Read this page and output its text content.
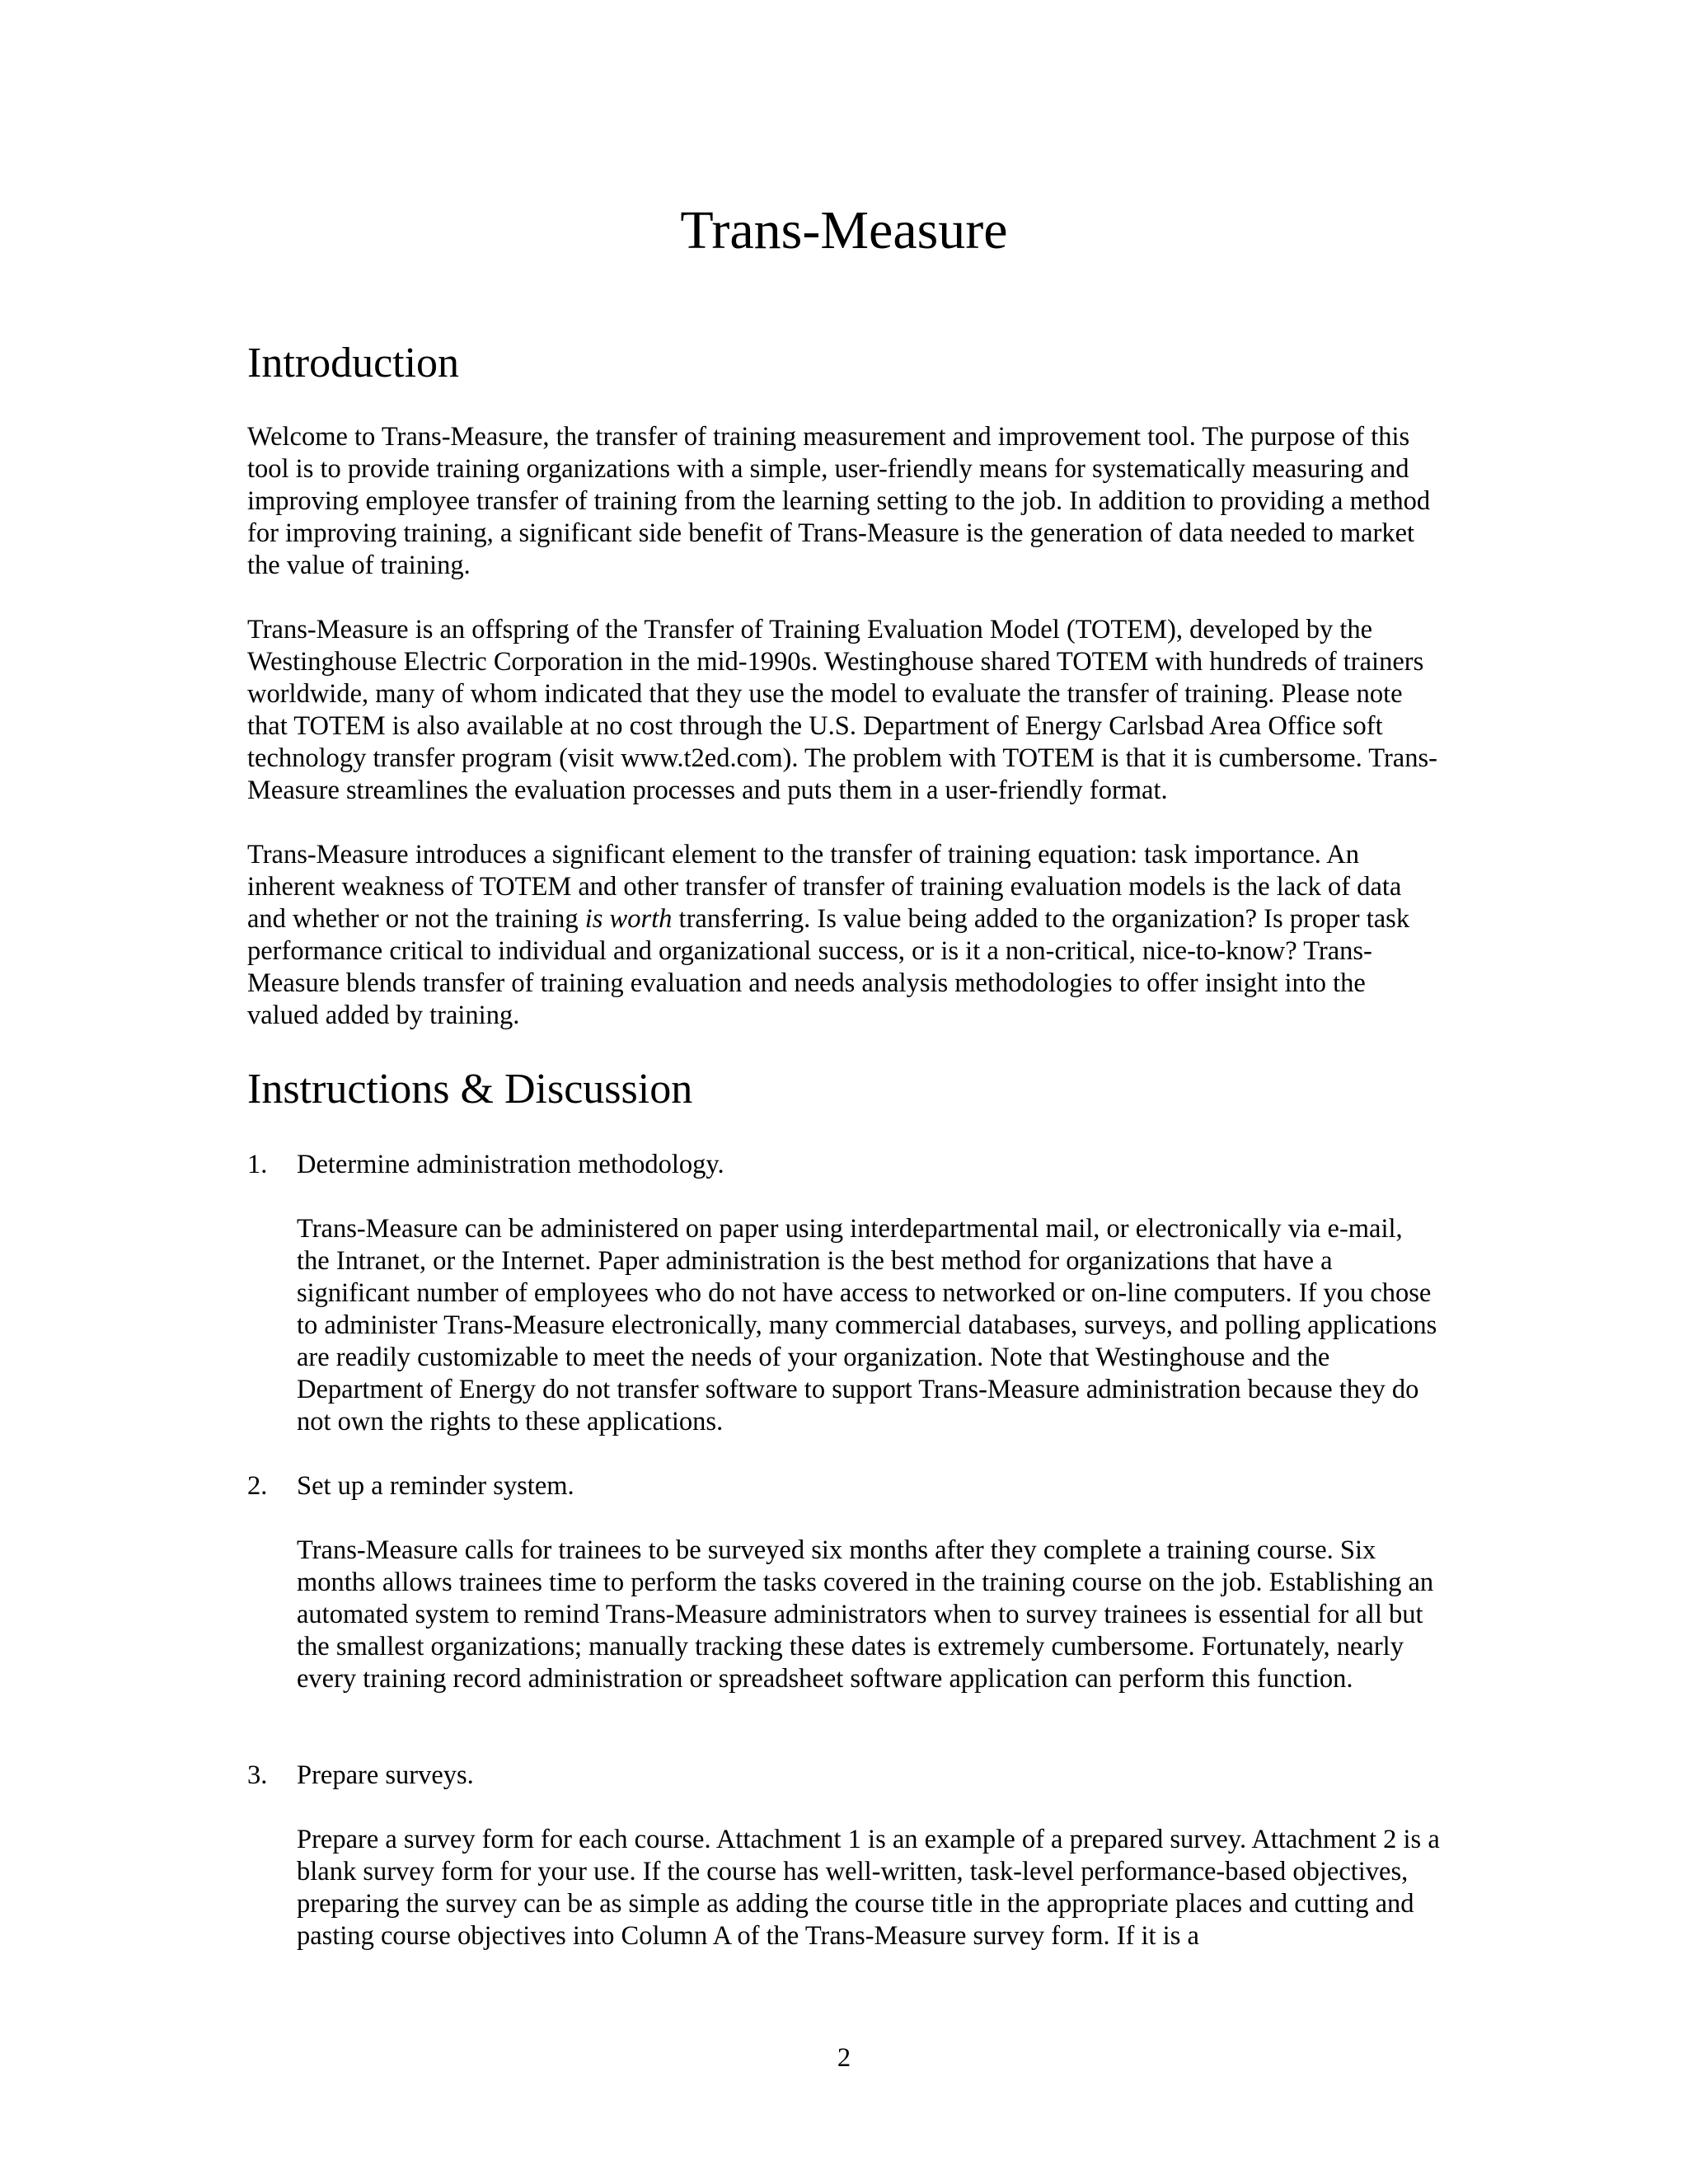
Trans-Measure
Introduction

Welcome to Trans-Measure, the transfer of training measurement and improvement tool. The purpose of this tool is to provide training organizations with a simple, user-friendly means for systematically measuring and improving employee transfer of training from the learning setting to the job. In addition to providing a method for improving training, a significant side benefit of Trans-Measure is the generation of data needed to market the value of training.

Trans-Measure is an offspring of the Transfer of Training Evaluation Model (TOTEM), developed by the Westinghouse Electric Corporation in the mid-1990s. Westinghouse shared TOTEM with hundreds of trainers worldwide, many of whom indicated that they use the model to evaluate the transfer of training. Please note that TOTEM is also available at no cost through the U.S. Department of Energy Carlsbad Area Office soft technology transfer program (visit www.t2ed.com). The problem with TOTEM is that it is cumbersome. Trans-Measure streamlines the evaluation processes and puts them in a user-friendly format.

Trans-Measure introduces a significant element to the transfer of training equation: task importance. An inherent weakness of TOTEM and other transfer of transfer of training evaluation models is the lack of data and whether or not the training is worth transferring. Is value being added to the organization? Is proper task performance critical to individual and organizational success, or is it a non-critical, nice-to-know? Trans-Measure blends transfer of training evaluation and needs analysis methodologies to offer insight into the valued added by training.

Instructions & Discussion
1.	Determine administration methodology.

Trans-Measure can be administered on paper using interdepartmental mail, or electronically via e-mail, the Intranet, or the Internet. Paper administration is the best method for organizations that have a significant number of employees who do not have access to networked or on-line computers. If you chose to administer Trans-Measure electronically, many commercial databases, surveys, and polling applications are readily customizable to meet the needs of your organization. Note that Westinghouse and the Department of Energy do not transfer software to support Trans-Measure administration because they do not own the rights to these applications.

2.	Set up a reminder system.

Trans-Measure calls for trainees to be surveyed six months after they complete a training course. Six months allows trainees time to perform the tasks covered in the training course on the job. Establishing an automated system to remind Trans-Measure administrators when to survey trainees is essential for all but the smallest organizations; manually tracking these dates is extremely cumbersome. Fortunately, nearly every training record administration or spreadsheet software application can perform this function.

3.	Prepare surveys.

Prepare a survey form for each course. Attachment 1 is an example of a prepared survey. Attachment 2 is a blank survey form for your use. If the course has well-written, task-level performance-based objectives, preparing the survey can be as simple as adding the course title in the appropriate places and cutting and pasting course objectives into Column A of the Trans-Measure survey form. If it is a

2
